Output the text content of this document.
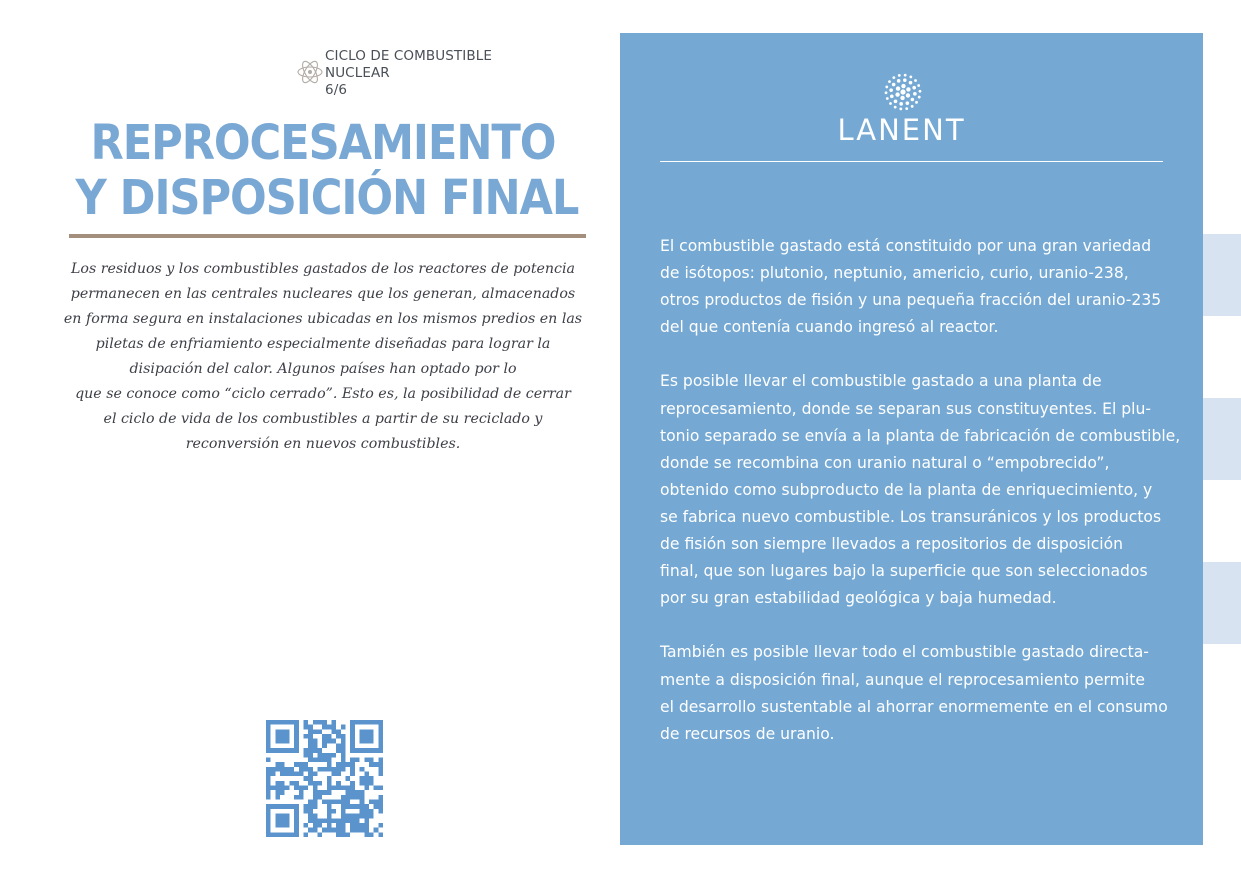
CICLO DE COMBUSTIBLE
NUCLEAR
6/6
REPROCESAMIENTO
Y DISPOSICIÓN FINAL
Los residuos y los combustibles gastados de los reactores de potencia
permanecen en las centrales nucleares que los generan, almacenados
en forma segura en instalaciones ubicadas en los mismos predios en las
piletas de enfriamiento especialmente diseñadas para lograr la
disipación del calor. Algunos países han optado por lo
que se conoce como “ciclo cerrado”. Esto es, la posibilidad de cerrar
el ciclo de vida de los combustibles a partir de su reciclado y
reconversión en nuevos combustibles.
LANENT
El combustible gastado está constituido por una gran variedad
de isótopos: plutonio, neptunio, americio, curio, uranio-238,
otros productos de fisión y una pequeña fracción del uranio-235
del que contenía cuando ingresó al reactor.
Es posible llevar el combustible gastado a una planta de
reprocesamiento, donde se separan sus constituyentes. El plu-
tonio separado se envía a la planta de fabricación de combustible,
donde se recombina con uranio natural o “empobrecido”,
obtenido como subproducto de la planta de enriquecimiento, y
se fabrica nuevo combustible. Los transuránicos y los productos
de fisión son siempre llevados a repositorios de disposición
final, que son lugares bajo la superficie que son seleccionados
por su gran estabilidad geológica y baja humedad.
También es posible llevar todo el combustible gastado directa-
mente a disposición final, aunque el reprocesamiento permite
el desarrollo sustentable al ahorrar enormemente en el consumo
de recursos de uranio.
